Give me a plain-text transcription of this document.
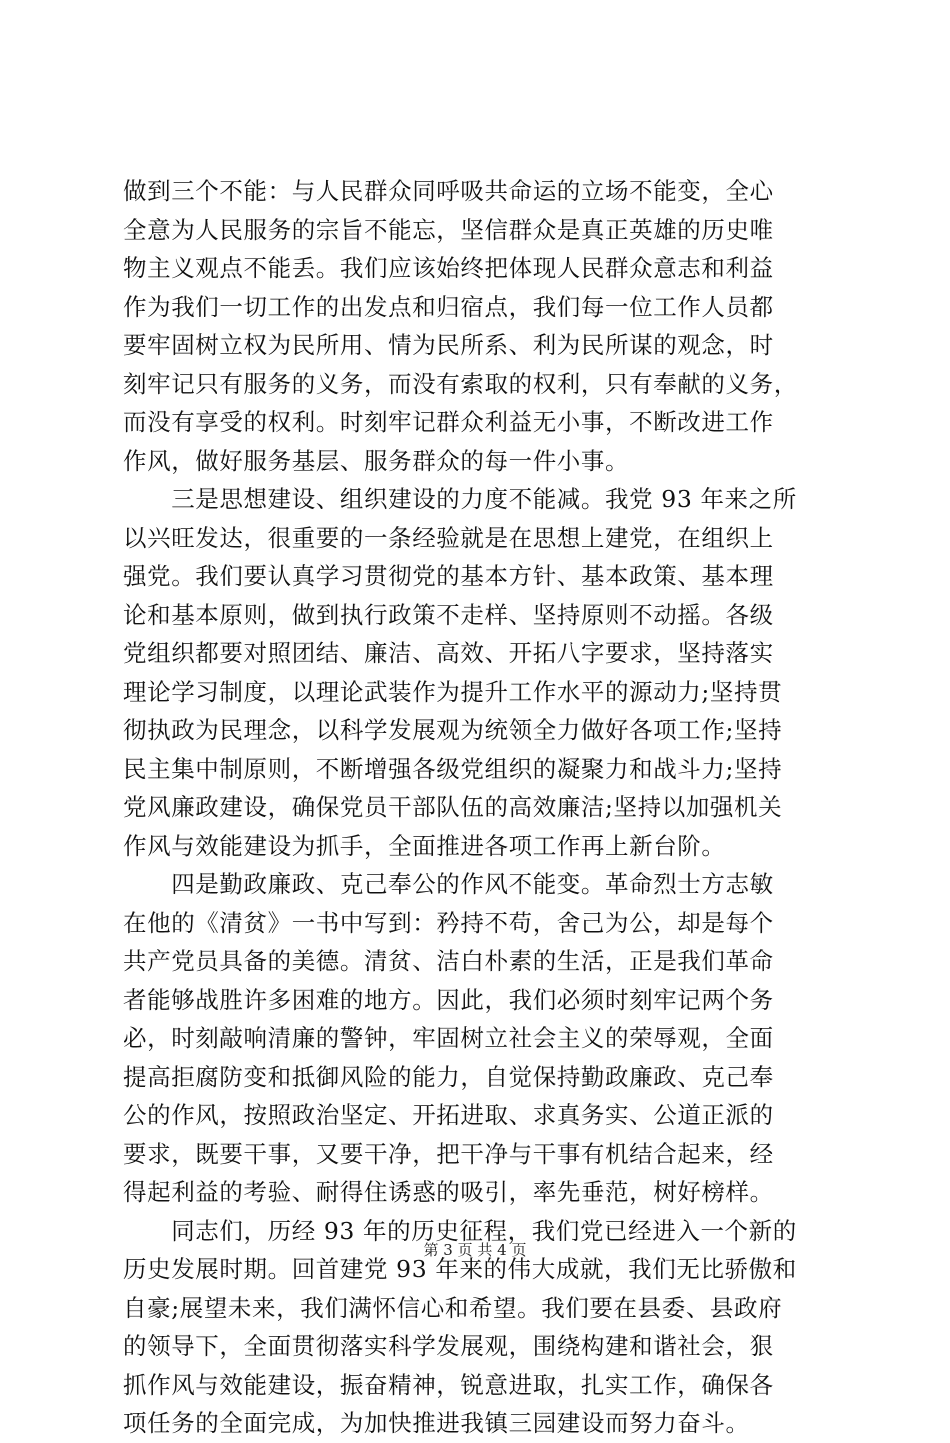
做到三个不能：与人民群众同呼吸共命运的立场不能变，全心
全意为人民服务的宗旨不能忘，坚信群众是真正英雄的历史唯
物主义观点不能丢。我们应该始终把体现人民群众意志和利益
作为我们一切工作的出发点和归宿点，我们每一位工作人员都
要牢固树立权为民所用、情为民所系、利为民所谋的观念，时
刻牢记只有服务的义务，而没有索取的权利，只有奉献的义务，
而没有享受的权利。时刻牢记群众利益无小事，不断改进工作
作风，做好服务基层、服务群众的每一件小事。
　　三是思想建设、组织建设的力度不能减。我党 93 年来之所
以兴旺发达，很重要的一条经验就是在思想上建党，在组织上
强党。我们要认真学习贯彻党的基本方针、基本政策、基本理
论和基本原则，做到执行政策不走样、坚持原则不动摇。各级
党组织都要对照团结、廉洁、高效、开拓八字要求，坚持落实
理论学习制度，以理论武装作为提升工作水平的源动力;坚持贯
彻执政为民理念，以科学发展观为统领全力做好各项工作;坚持
民主集中制原则，不断增强各级党组织的凝聚力和战斗力;坚持
党风廉政建设，确保党员干部队伍的高效廉洁;坚持以加强机关
作风与效能建设为抓手，全面推进各项工作再上新台阶。
　　四是勤政廉政、克己奉公的作风不能变。革命烈士方志敏
在他的《清贫》一书中写到：矜持不苟，舍己为公，却是每个
共产党员具备的美德。清贫、洁白朴素的生活，正是我们革命
者能够战胜许多困难的地方。因此，我们必须时刻牢记两个务
必，时刻敲响清廉的警钟，牢固树立社会主义的荣辱观，全面
提高拒腐防变和抵御风险的能力，自觉保持勤政廉政、克己奉
公的作风，按照政治坚定、开拓进取、求真务实、公道正派的
要求，既要干事，又要干净，把干净与干事有机结合起来，经
得起利益的考验、耐得住诱惑的吸引，率先垂范，树好榜样。
　　同志们，历经 93 年的历史征程，我们党已经进入一个新的
历史发展时期。回首建党 93 年来的伟大成就，我们无比骄傲和
自豪;展望未来，我们满怀信心和希望。我们要在县委、县政府
的领导下，全面贯彻落实科学发展观，围绕构建和谐社会，狠
抓作风与效能建设，振奋精神，锐意进取，扎实工作，确保各
项任务的全面完成，为加快推进我镇三园建设而努力奋斗。
第 3 页 共 4 页
